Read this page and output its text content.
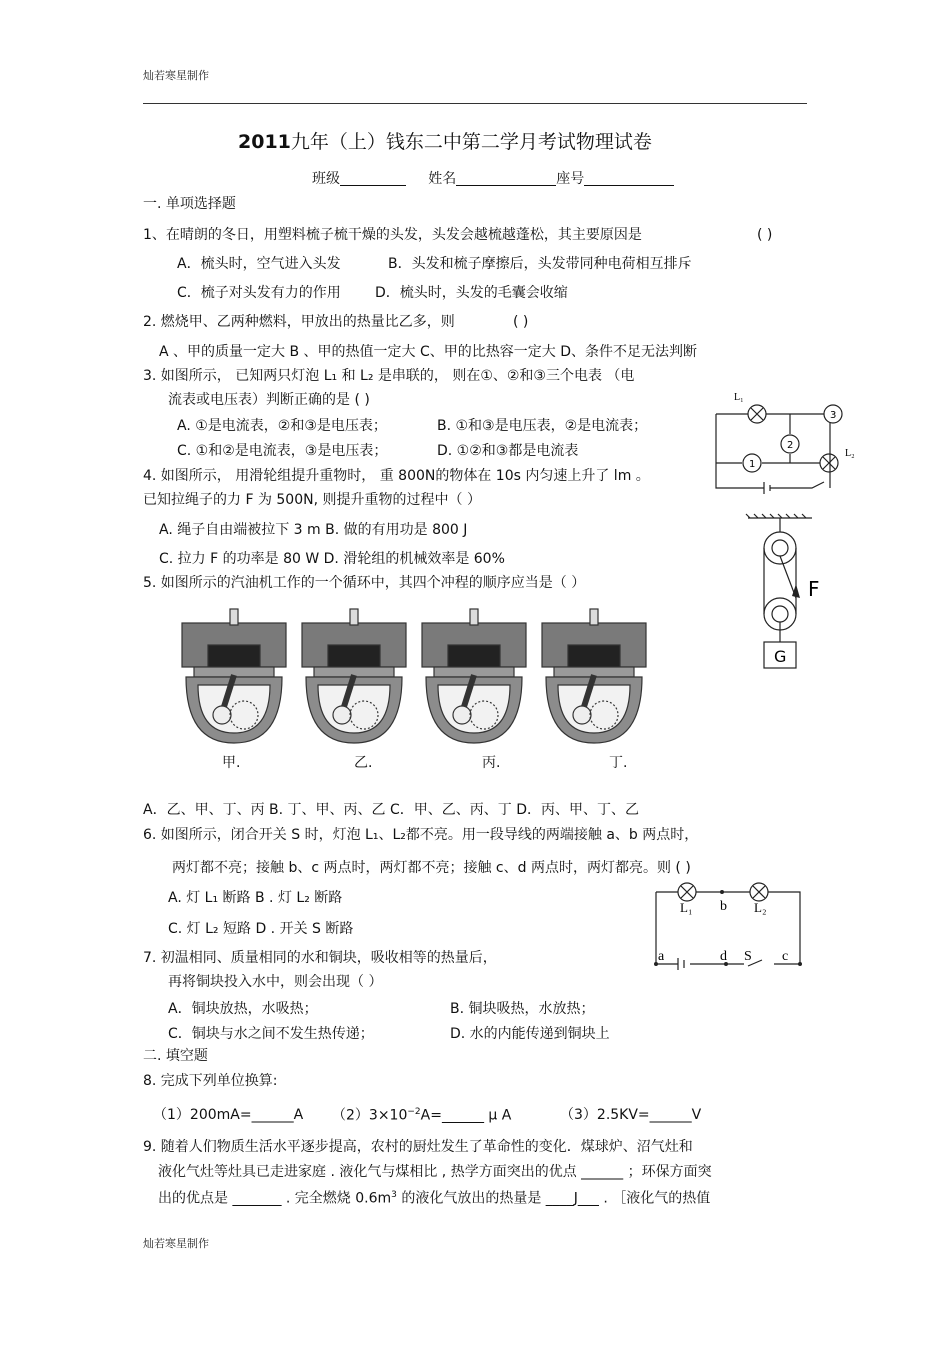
灿若寒星制作
2011九年（上）钱东二中第二学月考试物理试卷
班级	姓名	座号
一. 单项选择题
1、在晴朗的冬日，用塑料梳子梳干燥的头发，头发会越梳越蓬松，其主要原因是	( )
A．梳头时，空气进入头发	B．头发和梳子摩擦后，头发带同种电荷相互排斥
C．梳子对头发有力的作用 D．梳头时，头发的毛囊会收缩
2. 燃烧甲、乙两种燃料，甲放出的热量比乙多，则	( )
A 、甲的质量一定大 B 、甲的热值一定大 C、甲的比热容一定大 D、条件不足无法判断
3. 如图所示， 已知两只灯泡 L₁ 和 L₂ 是串联的， 则在①、②和③三个电表 （电
流表或电压表）判断正确的是 ( )
A. ①是电流表，②和③是电压表；	B. ①和③是电压表，②是电流表；
C. ①和②是电流表，③是电压表；	D. ①②和③都是电流表
L₁
L₂
1
2
3
4. 如图所示， 用滑轮组提升重物时， 重 800N的物体在 10s 内匀速上升了 lm 。
已知拉绳子的力 F 为 500N, 则提升重物的过程中（ ）
A. 绳子自由端被拉下 3 m B. 做的有用功是 800 J
C. 拉力 F 的功率是 80 W D. 滑轮组的机械效率是 60%
F
G
5. 如图所示的汽油机工作的一个循环中，其四个冲程的顺序应当是（ ）
甲.	乙.	丙.	丁.
A．乙、甲、丁、丙 B. 丁、甲、丙、乙 C．甲、乙、丙、丁 D．丙、甲、丁、乙
6. 如图所示，闭合开关 S 时，灯泡 L₁、L₂都不亮。用一段导线的两端接触 a、b 两点时，
两灯都不亮；接触 b、c 两点时，两灯都不亮；接触 c、d 两点时，两灯都亮。则 ( )
A. 灯 L₁ 断路 B . 灯 L₂ 断路
C. 灯 L₂ 短路 D . 开关 S 断路
L₁	L₂
b
a	d S c
7. 初温相同、质量相同的水和铜块，吸收相等的热量后，
再将铜块投入水中，则会出现（ ）
A．铜块放热，水吸热；	B. 铜块吸热，水放热；
C．铜块与水之间不发生热传递；	D. 水的内能传递到铜块上
二. 填空题
8. 完成下列单位换算:
（1）200mA=______A $(2)3\times 10^{-2}A=\_\_\_\_\_\_$ μ A	（3）2.5KV=______V
9. 随着人们物质生活水平逐步提高，农村的厨灶发生了革命性的变化．煤球炉、沼气灶和
液化气灶等灶具已走进家庭 . 液化气与煤相比 , 热学方面突出的优点 ______ ；环保方面突
出的优点是 _______ . 完全燃烧 $0.6m^3$ 的液化气放出的热量是 ____J___ . ［液化气的热值
灿若寒星制作
